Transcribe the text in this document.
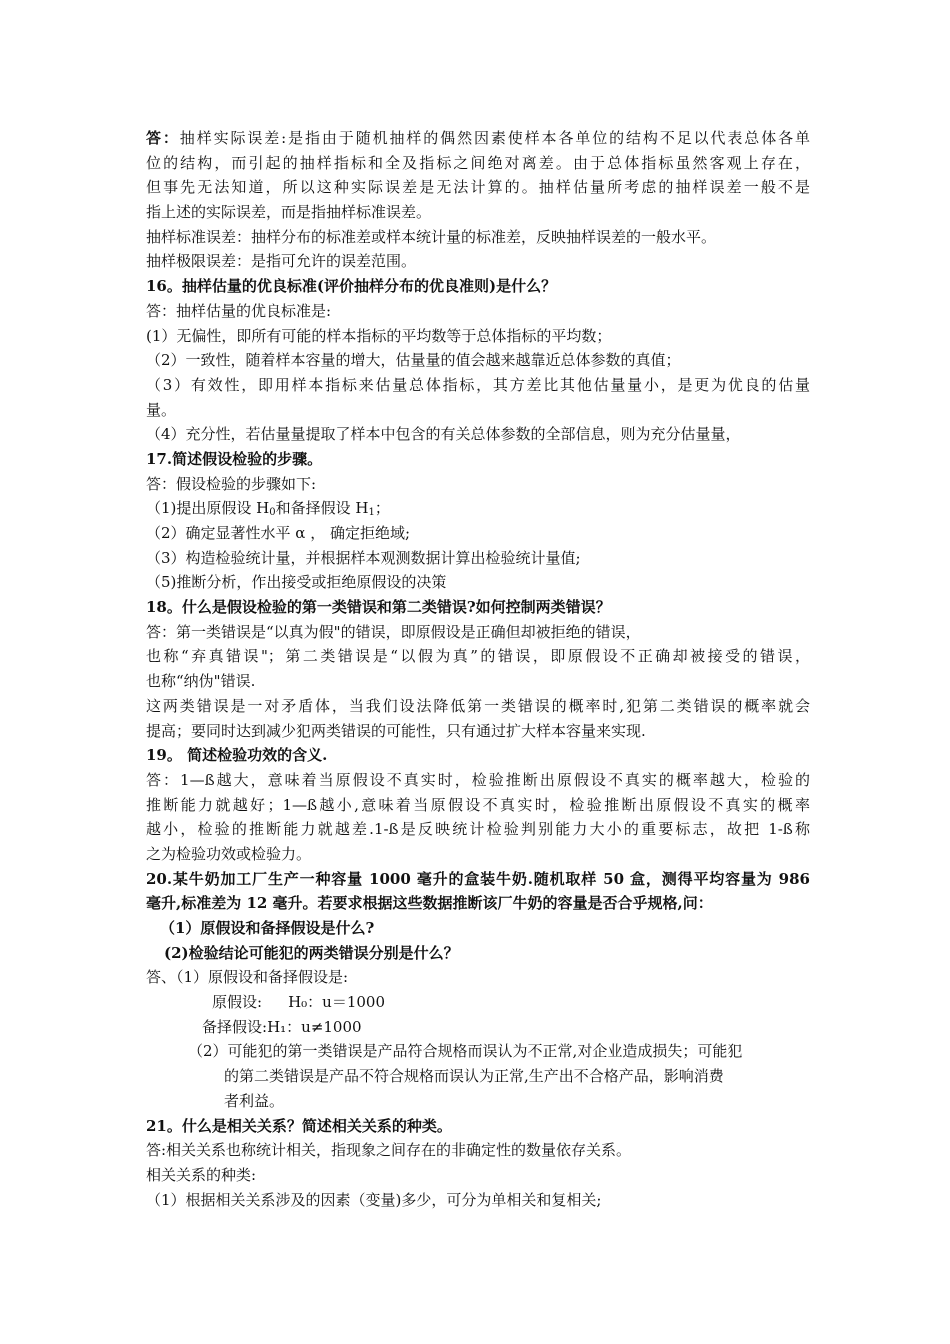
答：抽样实际误差:是指由于随机抽样的偶然因素使样本各单位的结构不足以代表总体各单
位的结构，而引起的抽样指标和全及指标之间绝对离差。由于总体指标虽然客观上存在，
但事先无法知道，所以这种实际误差是无法计算的。抽样估量所考虑的抽样误差一般不是
指上述的实际误差，而是指抽样标准误差。
抽样标准误差：抽样分布的标准差或样本统计量的标准差，反映抽样误差的一般水平。
抽样极限误差：是指可允许的误差范围。
16。抽样估量的优良标准(评价抽样分布的优良准则)是什么？
答：抽样估量的优良标准是:
(1）无偏性，即所有可能的样本指标的平均数等于总体指标的平均数；
（2）一致性，随着样本容量的增大，估量量的值会越来越靠近总体参数的真值；
（3）有效性，即用样本指标来估量总体指标，其方差比其他估量量小，是更为优良的估量
量。
（4）充分性，若估量量提取了样本中包含的有关总体参数的全部信息，则为充分估量量，
17.简述假设检验的步骤。
答：假设检验的步骤如下:
（1)提出原假设 $H_0$和备择假设 $H_1$；
（2）确定显著性水平 α ， 确定拒绝域;
（3）构造检验统计量，并根据样本观测数据计算出检验统计量值;
（5)推断分析，作出接受或拒绝原假设的决策
18。什么是假设检验的第一类错误和第二类错误?如何控制两类错误？
答：第一类错误是“以真为假"的错误，即原假设是正确但却被拒绝的错误，
也称“弃真错误"；第二类错误是“以假为真”的错误，即原假设不正确却被接受的错误，
也称“纳伪"错误.
这两类错误是一对矛盾体，当我们设法降低第一类错误的概率时,犯第二类错误的概率就会
提高；要同时达到减少犯两类错误的可能性，只有通过扩大样本容量来实现.
19。 简述检验功效的含义.
答：1—ß越大，意味着当原假设不真实时，检验推断出原假设不真实的概率越大，检验的
推断能力就越好；1—ß越小,意味着当原假设不真实时，检验推断出原假设不真实的概率
越小，检验的推断能力就越差.1-ß是反映统计检验判别能力大小的重要标志，故把 1-ß称
之为检验功效或检验力。
20.某牛奶加工厂生产一种容量 1000 毫升的盒装牛奶.随机取样 50 盒，测得平均容量为 986
毫升,标准差为 12 毫升。若要求根据这些数据推断该厂牛奶的容量是否合乎规格,问：
（1）原假设和备择假设是什么?
(2)检验结论可能犯的两类错误分别是什么？
答、（1）原假设和备择假设是:
原假设: H₀：u＝1000
备择假设:H₁：u≠1000
（2）可能犯的第一类错误是产品符合规格而误认为不正常,对企业造成损失；可能犯
的第二类错误是产品不符合规格而误认为正常,生产出不合格产品，影响消费
者利益。
21。什么是相关关系？简述相关关系的种类。
答:相关关系也称统计相关，指现象之间存在的非确定性的数量依存关系。
相关关系的种类:
（1）根据相关关系涉及的因素（变量)多少，可分为单相关和复相关;
